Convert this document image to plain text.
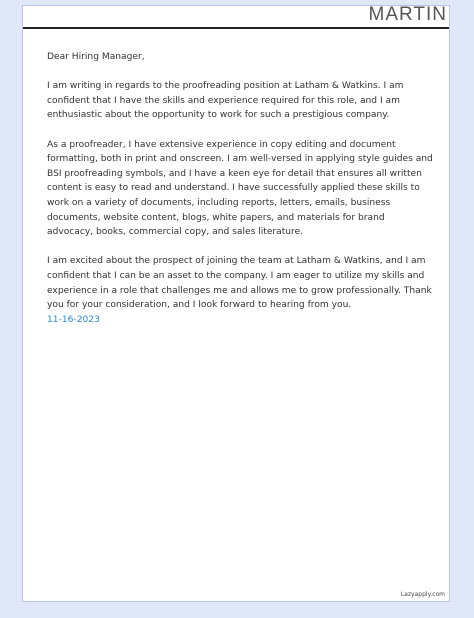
MARTIN

Dear Hiring Manager,

I am writing in regards to the proofreading position at Latham & Watkins. I am confident that I have the skills and experience required for this role, and I am enthusiastic about the opportunity to work for such a prestigious company.

As a proofreader, I have extensive experience in copy editing and document formatting, both in print and onscreen. I am well-versed in applying style guides and BSI proofreading symbols, and I have a keen eye for detail that ensures all written content is easy to read and understand. I have successfully applied these skills to work on a variety of documents, including reports, letters, emails, business documents, website content, blogs, white papers, and materials for brand advocacy, books, commercial copy, and sales literature.

I am excited about the prospect of joining the team at Latham & Watkins, and I am confident that I can be an asset to the company. I am eager to utilize my skills and experience in a role that challenges me and allows me to grow professionally. Thank you for your consideration, and I look forward to hearing from you.

11-16-2023
Lazyapply.com
